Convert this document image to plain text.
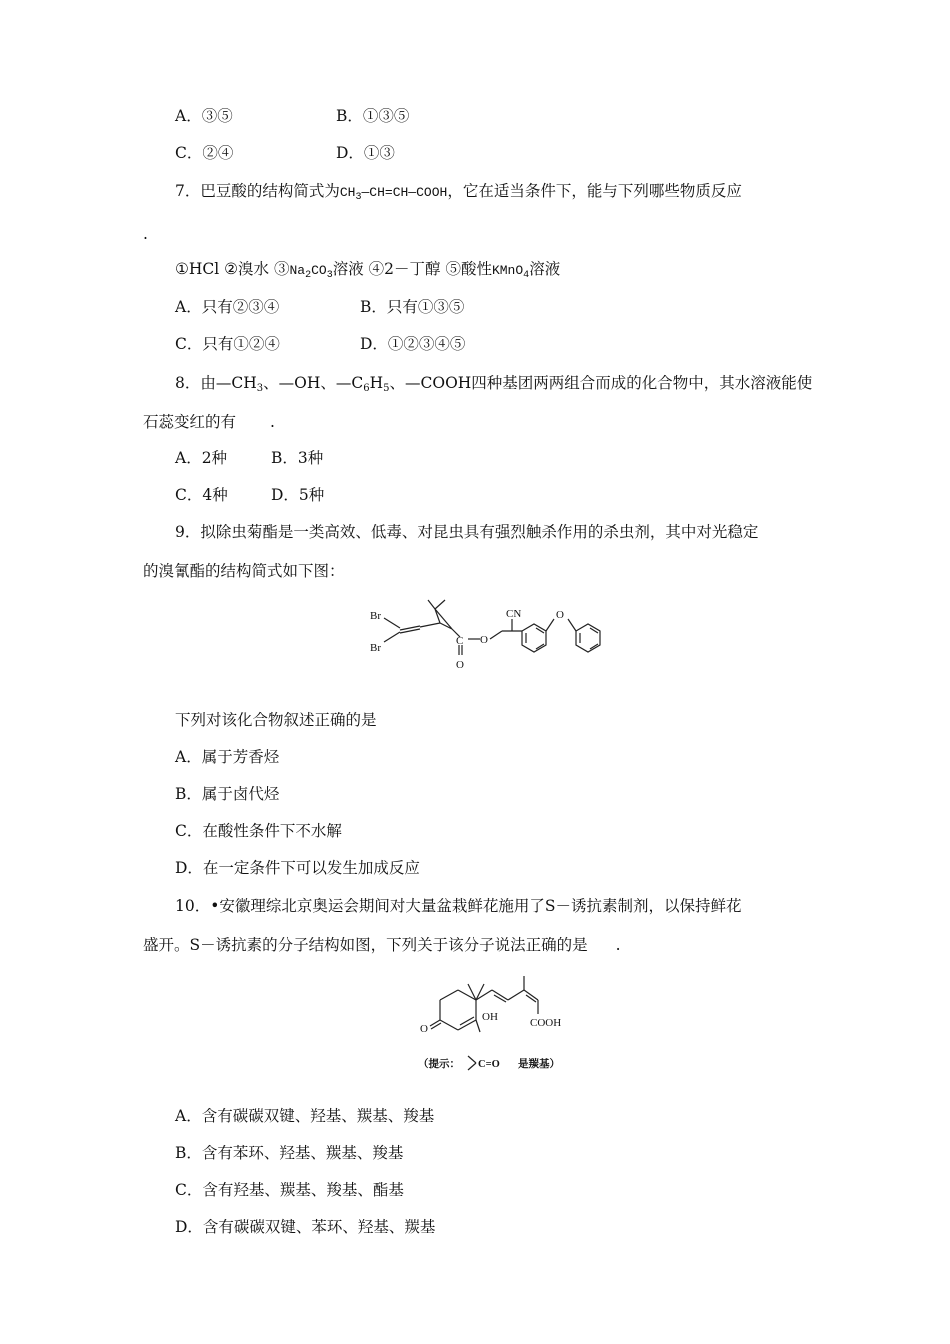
A．③⑤	B．①③⑤
C．②④	D．①③
7．巴豆酸的结构简式为$CH_3—CH=CH—COOH$，它在适当条件下，能与下列哪些物质反应
.
①HCl ②溴水 $③Na_2CO_3$溶液 ④2－丁醇 ⑤酸性KMnO$_4$溶液
A．只有②③④	B．只有①③⑤
C．只有①②④	D．①②③④⑤
8．由$—CH_3$、—OH、$—C_6H_5$、—COOH四种基团两两组合而成的化合物中，其水溶液能使
石蕊变红的有 .
A．2种	B．3种
C．4种	D．5种
9．拟除虫菊酯是一类高效、低毒、对昆虫具有强烈触杀作用的杀虫剂，其中对光稳定
的溴氰酯的结构简式如下图：
Br
Br
C O
O
CN	O
下列对该化合物叙述正确的是
A．属于芳香烃
B．属于卤代烃
C．在酸性条件下不水解
D．在一定条件下可以发生加成反应
10．•安徽理综北京奥运会期间对大量盆栽鲜花施用了S－诱抗素制剂，以保持鲜花
盛开。S－诱抗素的分子结构如图，下列关于该分子说法正确的是 .
O
OH	COOH
（提示： C=O 是羰基）
A．含有碳碳双键、羟基、羰基、羧基
B．含有苯环、羟基、羰基、羧基
C．含有羟基、羰基、羧基、酯基
D．含有碳碳双键、苯环、羟基、羰基
